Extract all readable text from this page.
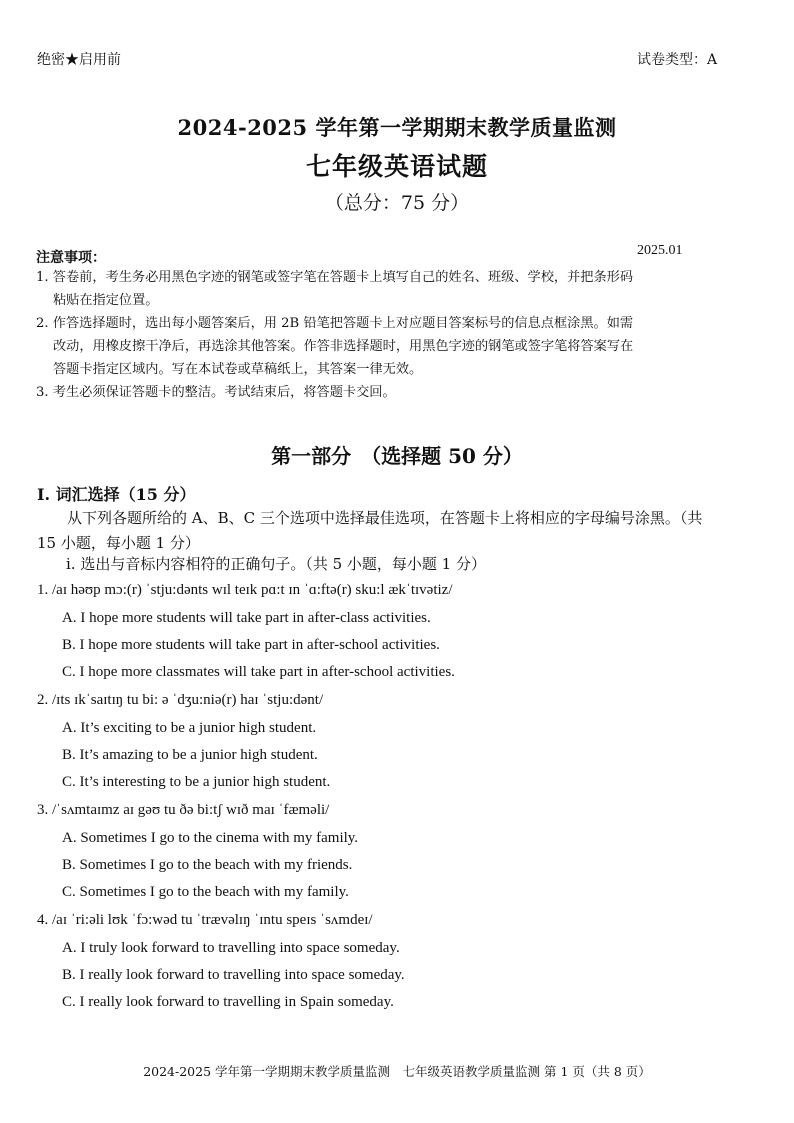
绝密★启用前	试卷类型：A
2024-2025 学年第一学期期末教学质量监测
七年级英语试题
（总分：75 分）
注意事项：	2025.01
1. 答卷前，考生务必用黑色字迹的钢笔或签字笔在答题卡上填写自己的姓名、班级、学校，并把条形码
粘贴在指定位置。
2. 作答选择题时，选出每小题答案后，用 2B 铅笔把答题卡上对应题目答案标号的信息点框涂黑。如需
改动，用橡皮擦干净后，再选涂其他答案。作答非选择题时，用黑色字迹的钢笔或签字笔将答案写在
答题卡指定区域内。写在本试卷或草稿纸上，其答案一律无效。
3. 考生必须保证答题卡的整洁。考试结束后，将答题卡交回。
第一部分　（选择题 50 分）
Ⅰ. 词汇选择（15 分）
　　从下列各题所给的 A、B、C 三个选项中选择最佳选项，在答题卡上将相应的字母编号涂黑。（共
15 小题，每小题 1 分）
i. 选出与音标内容相符的正确句子。（共 5 小题，每小题 1 分）
1. /aɪ həʊp mɔ:(r) ˈstju:dənts wɪl teɪk pɑ:t ɪn ˈɑ:ftə(r) sku:l ækˈtɪvətiz/
A. I hope more students will take part in after-class activities.
B. I hope more students will take part in after-school activities.
C. I hope more classmates will take part in after-school activities.
2. /ɪts ɪkˈsaɪtɪŋ tu bi: ə ˈdʒu:niə(r) haɪ ˈstju:dənt/
A. It’s exciting to be a junior high student.
B. It’s amazing to be a junior high student.
C. It’s interesting to be a junior high student.
3. /ˈsʌmtaɪmz aɪ gəʊ tu ðə bi:tʃ wɪð maɪ ˈfæməli/
A. Sometimes I go to the cinema with my family.
B. Sometimes I go to the beach with my friends.
C. Sometimes I go to the beach with my family.
4. /aɪ ˈri:əli lʊk ˈfɔ:wəd tu ˈtrævəlɪŋ ˈɪntu speɪs ˈsʌmdeɪ/
A. I truly look forward to travelling into space someday.
B. I really look forward to travelling into space someday.
C. I really look forward to travelling in Spain someday.
2024-2025 学年第一学期期末教学质量监测　七年级英语教学质量监测 第 1 页（共 8 页）
